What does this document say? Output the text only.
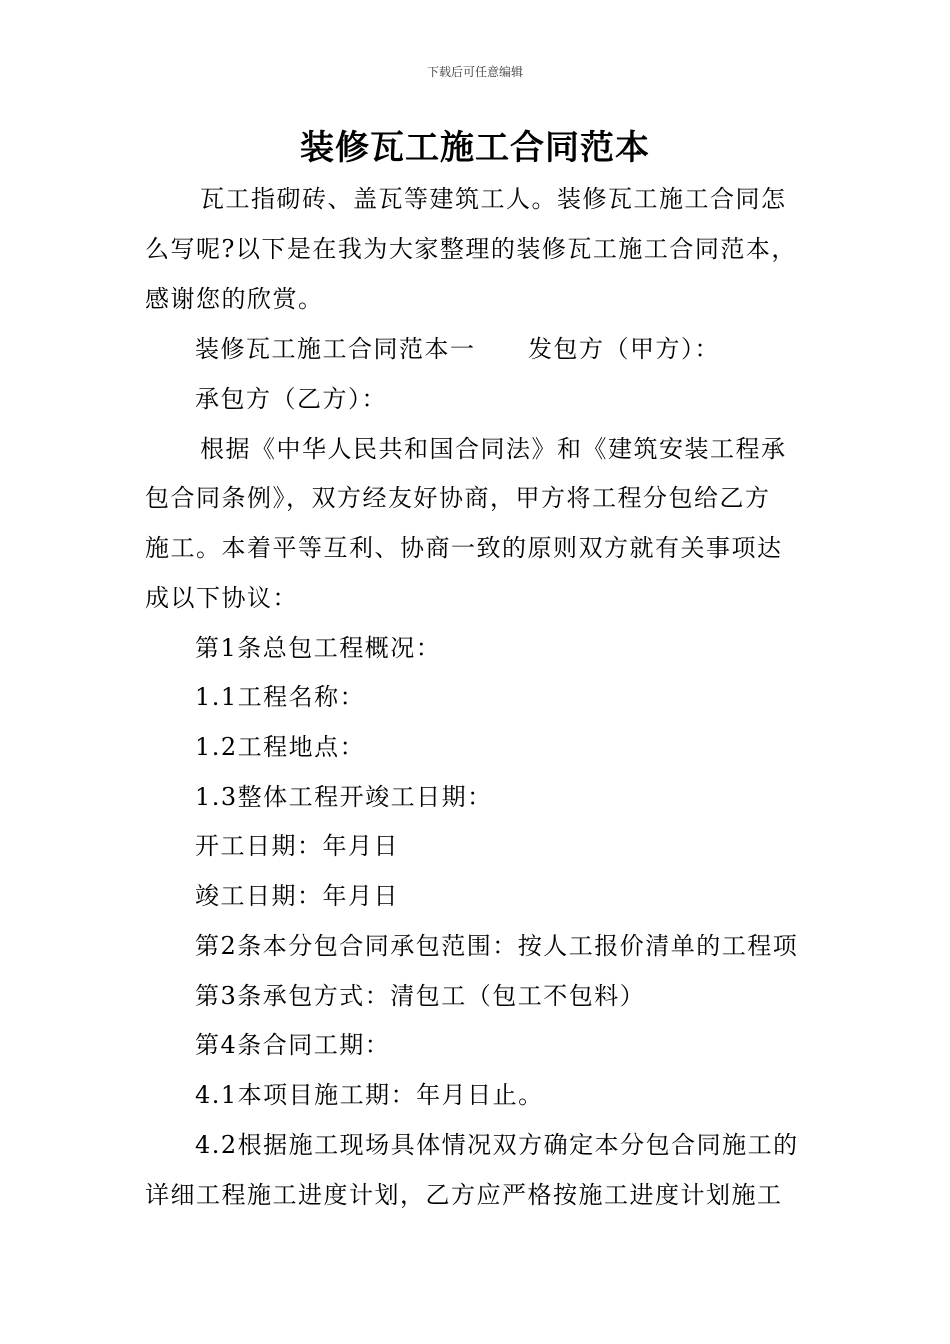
下载后可任意编辑
装修瓦工施工合同范本
瓦工指砌砖、盖瓦等建筑工人。装修瓦工施工合同怎
么写呢?以下是在我为大家整理的装修瓦工施工合同范本，
感谢您的欣赏。
装修瓦工施工合同范本一 发包方（甲方）：
承包方（乙方）：
根据《中华人民共和国合同法》和《建筑安装工程承
包合同条例》，双方经友好协商，甲方将工程分包给乙方
施工。本着平等互利、协商一致的原则双方就有关事项达
成以下协议：
第1条总包工程概况：
1.1工程名称：
1.2工程地点：
1.3整体工程开竣工日期：
开工日期：年月日
竣工日期：年月日
第2条本分包合同承包范围：按人工报价清单的工程项
第3条承包方式：清包工（包工不包料）
第4条合同工期：
4.1本项目施工期：年月日止。
4.2根据施工现场具体情况双方确定本分包合同施工的
详细工程施工进度计划，乙方应严格按施工进度计划施工
